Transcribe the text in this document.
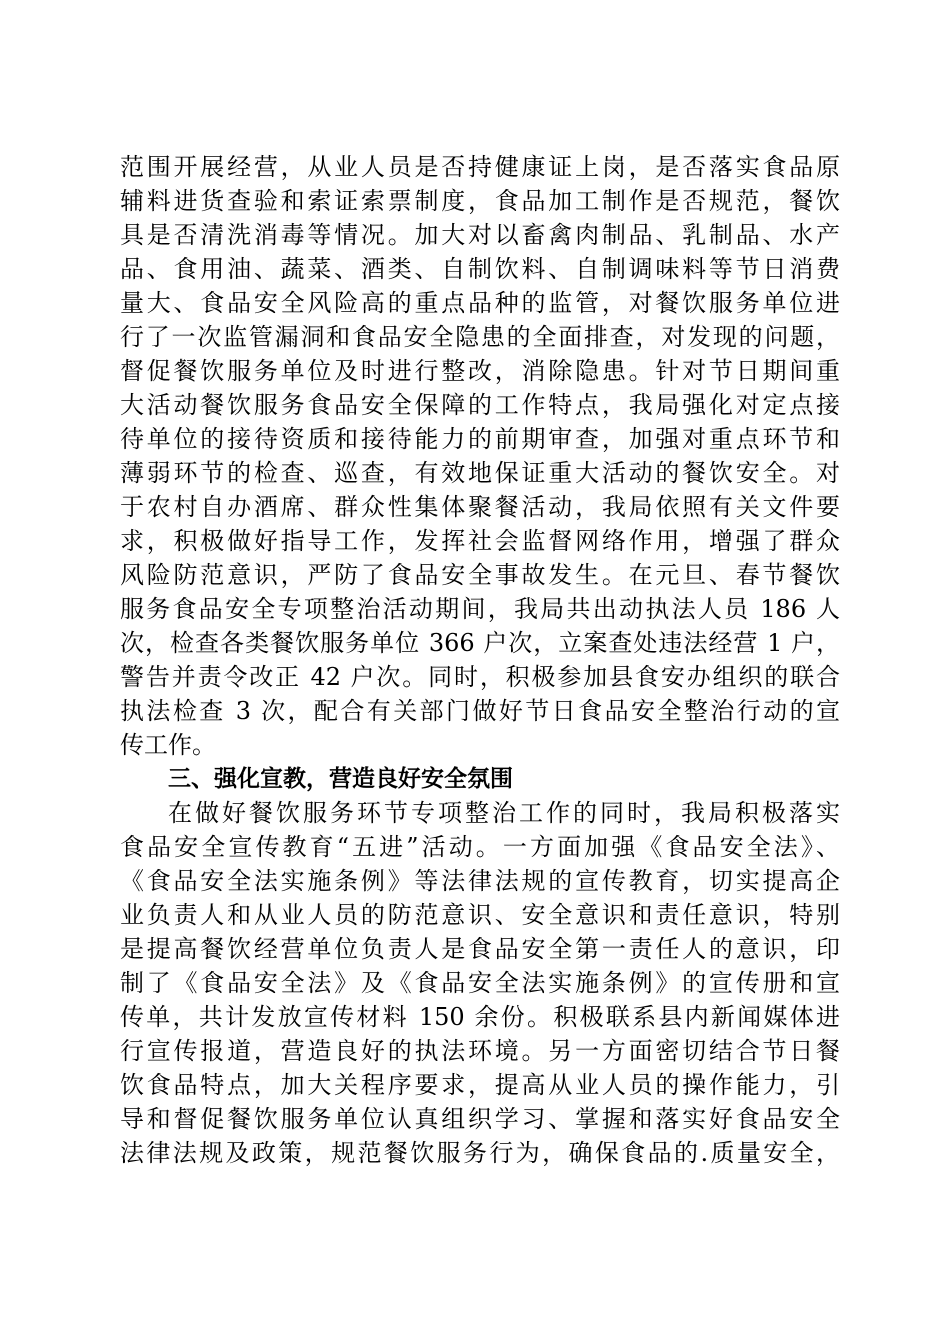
范围开展经营，从业人员是否持健康证上岗，是否落实食品原
辅料进货查验和索证索票制度，食品加工制作是否规范，餐饮
具是否清洗消毒等情况。加大对以畜禽肉制品、乳制品、水产
品、食用油、蔬菜、酒类、自制饮料、自制调味料等节日消费
量大、食品安全风险高的重点品种的监管，对餐饮服务单位进
行了一次监管漏洞和食品安全隐患的全面排查，对发现的问题，
督促餐饮服务单位及时进行整改，消除隐患。针对节日期间重
大活动餐饮服务食品安全保障的工作特点，我局强化对定点接
待单位的接待资质和接待能力的前期审查，加强对重点环节和
薄弱环节的检查、巡查，有效地保证重大活动的餐饮安全。对
于农村自办酒席、群众性集体聚餐活动，我局依照有关文件要
求，积极做好指导工作，发挥社会监督网络作用，增强了群众
风险防范意识，严防了食品安全事故发生。在元旦、春节餐饮
服务食品安全专项整治活动期间，我局共出动执法人员 186 人
次，检查各类餐饮服务单位 366 户次，立案查处违法经营 1 户，
警告并责令改正 42 户次。同时，积极参加县食安办组织的联合
执法检查 3 次，配合有关部门做好节日食品安全整治行动的宣
传工作。
三、强化宣教，营造良好安全氛围
在做好餐饮服务环节专项整治工作的同时，我局积极落实
食品安全宣传教育“五进”活动。一方面加强《食品安全法》、
《食品安全法实施条例》等法律法规的宣传教育，切实提高企
业负责人和从业人员的防范意识、安全意识和责任意识，特别
是提高餐饮经营单位负责人是食品安全第一责任人的意识，印
制了《食品安全法》及《食品安全法实施条例》的宣传册和宣
传单，共计发放宣传材料 150 余份。积极联系县内新闻媒体进
行宣传报道，营造良好的执法环境。另一方面密切结合节日餐
饮食品特点，加大关程序要求，提高从业人员的操作能力，引
导和督促餐饮服务单位认真组织学习、掌握和落实好食品安全
法律法规及政策，规范餐饮服务行为，确保食品的.质量安全，
